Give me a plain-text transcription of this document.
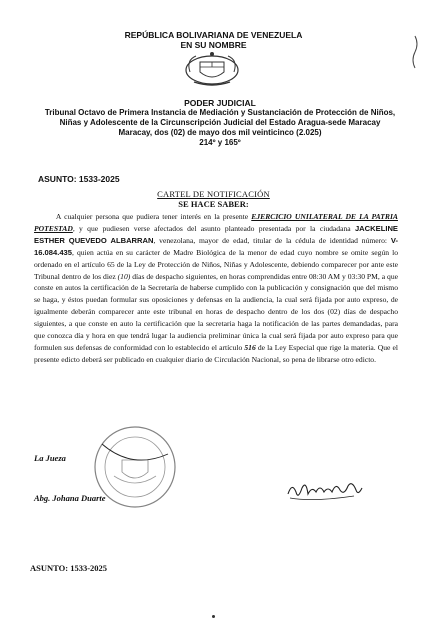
REPÚBLICA BOLIVARIANA DE VENEZUELA
EN SU NOMBRE
PODER JUDICIAL
Tribunal Octavo de Primera Instancia de Mediación y Sustanciación de Protección de Niños,
Niñas y Adolescente de la Circunscripción Judicial del Estado Aragua-sede Maracay
Maracay, dos (02) de mayo dos mil veinticinco (2.025)
214º y 165º
ASUNTO: 1533-2025
CARTEL DE NOTIFICACIÓN
SE HACE SABER:
A cualquier persona que pudiera tener interés en la presente EJERCICIO UNILATERAL DE LA PATRIA POTESTAD, y que pudiesen verse afectados del asunto planteado presentada por la ciudadana JACKELINE ESTHER QUEVEDO ALBARRAN, venezolana, mayor de edad, titular de la cédula de identidad número: V- 16.084.435, quien actúa en su carácter de Madre Biológica de la menor de edad cuyo nombre se omite según lo ordenado en el artículo 65 de la Ley de Protección de Niños, Niñas y Adolescente, debiendo comparecer por ante este Tribunal dentro de los diez (10) días de despacho siguientes, en horas comprendidas entre 08:30 AM y 03:30 PM, a que conste en autos la certificación de la Secretaría de haberse cumplido con la publicación y consignación que del mismo se haga, y éstos puedan formular sus oposiciones y defensas en la audiencia, la cual será fijada por auto expreso, de igualmente deberán comparecer ante este tribunal en horas de despacho dentro de los dos (02) días de despacho siguientes, a que conste en auto la certificación que la secretaria haga la notificación de las partes demandadas, para que conozca día y hora en que tendrá lugar la audiencia preliminar única la cual será fijada por auto expreso para que formulen sus defensas de conformidad con lo establecido el artículo 516 de la Ley Especial que rige la materia. Que el presente edicto deberá ser publicado en cualquier diario de Circulación Nacional, so pena de librarse otro edicto.
La Jueza
Abg. Johana Duarte
ASUNTO: 1533-2025
